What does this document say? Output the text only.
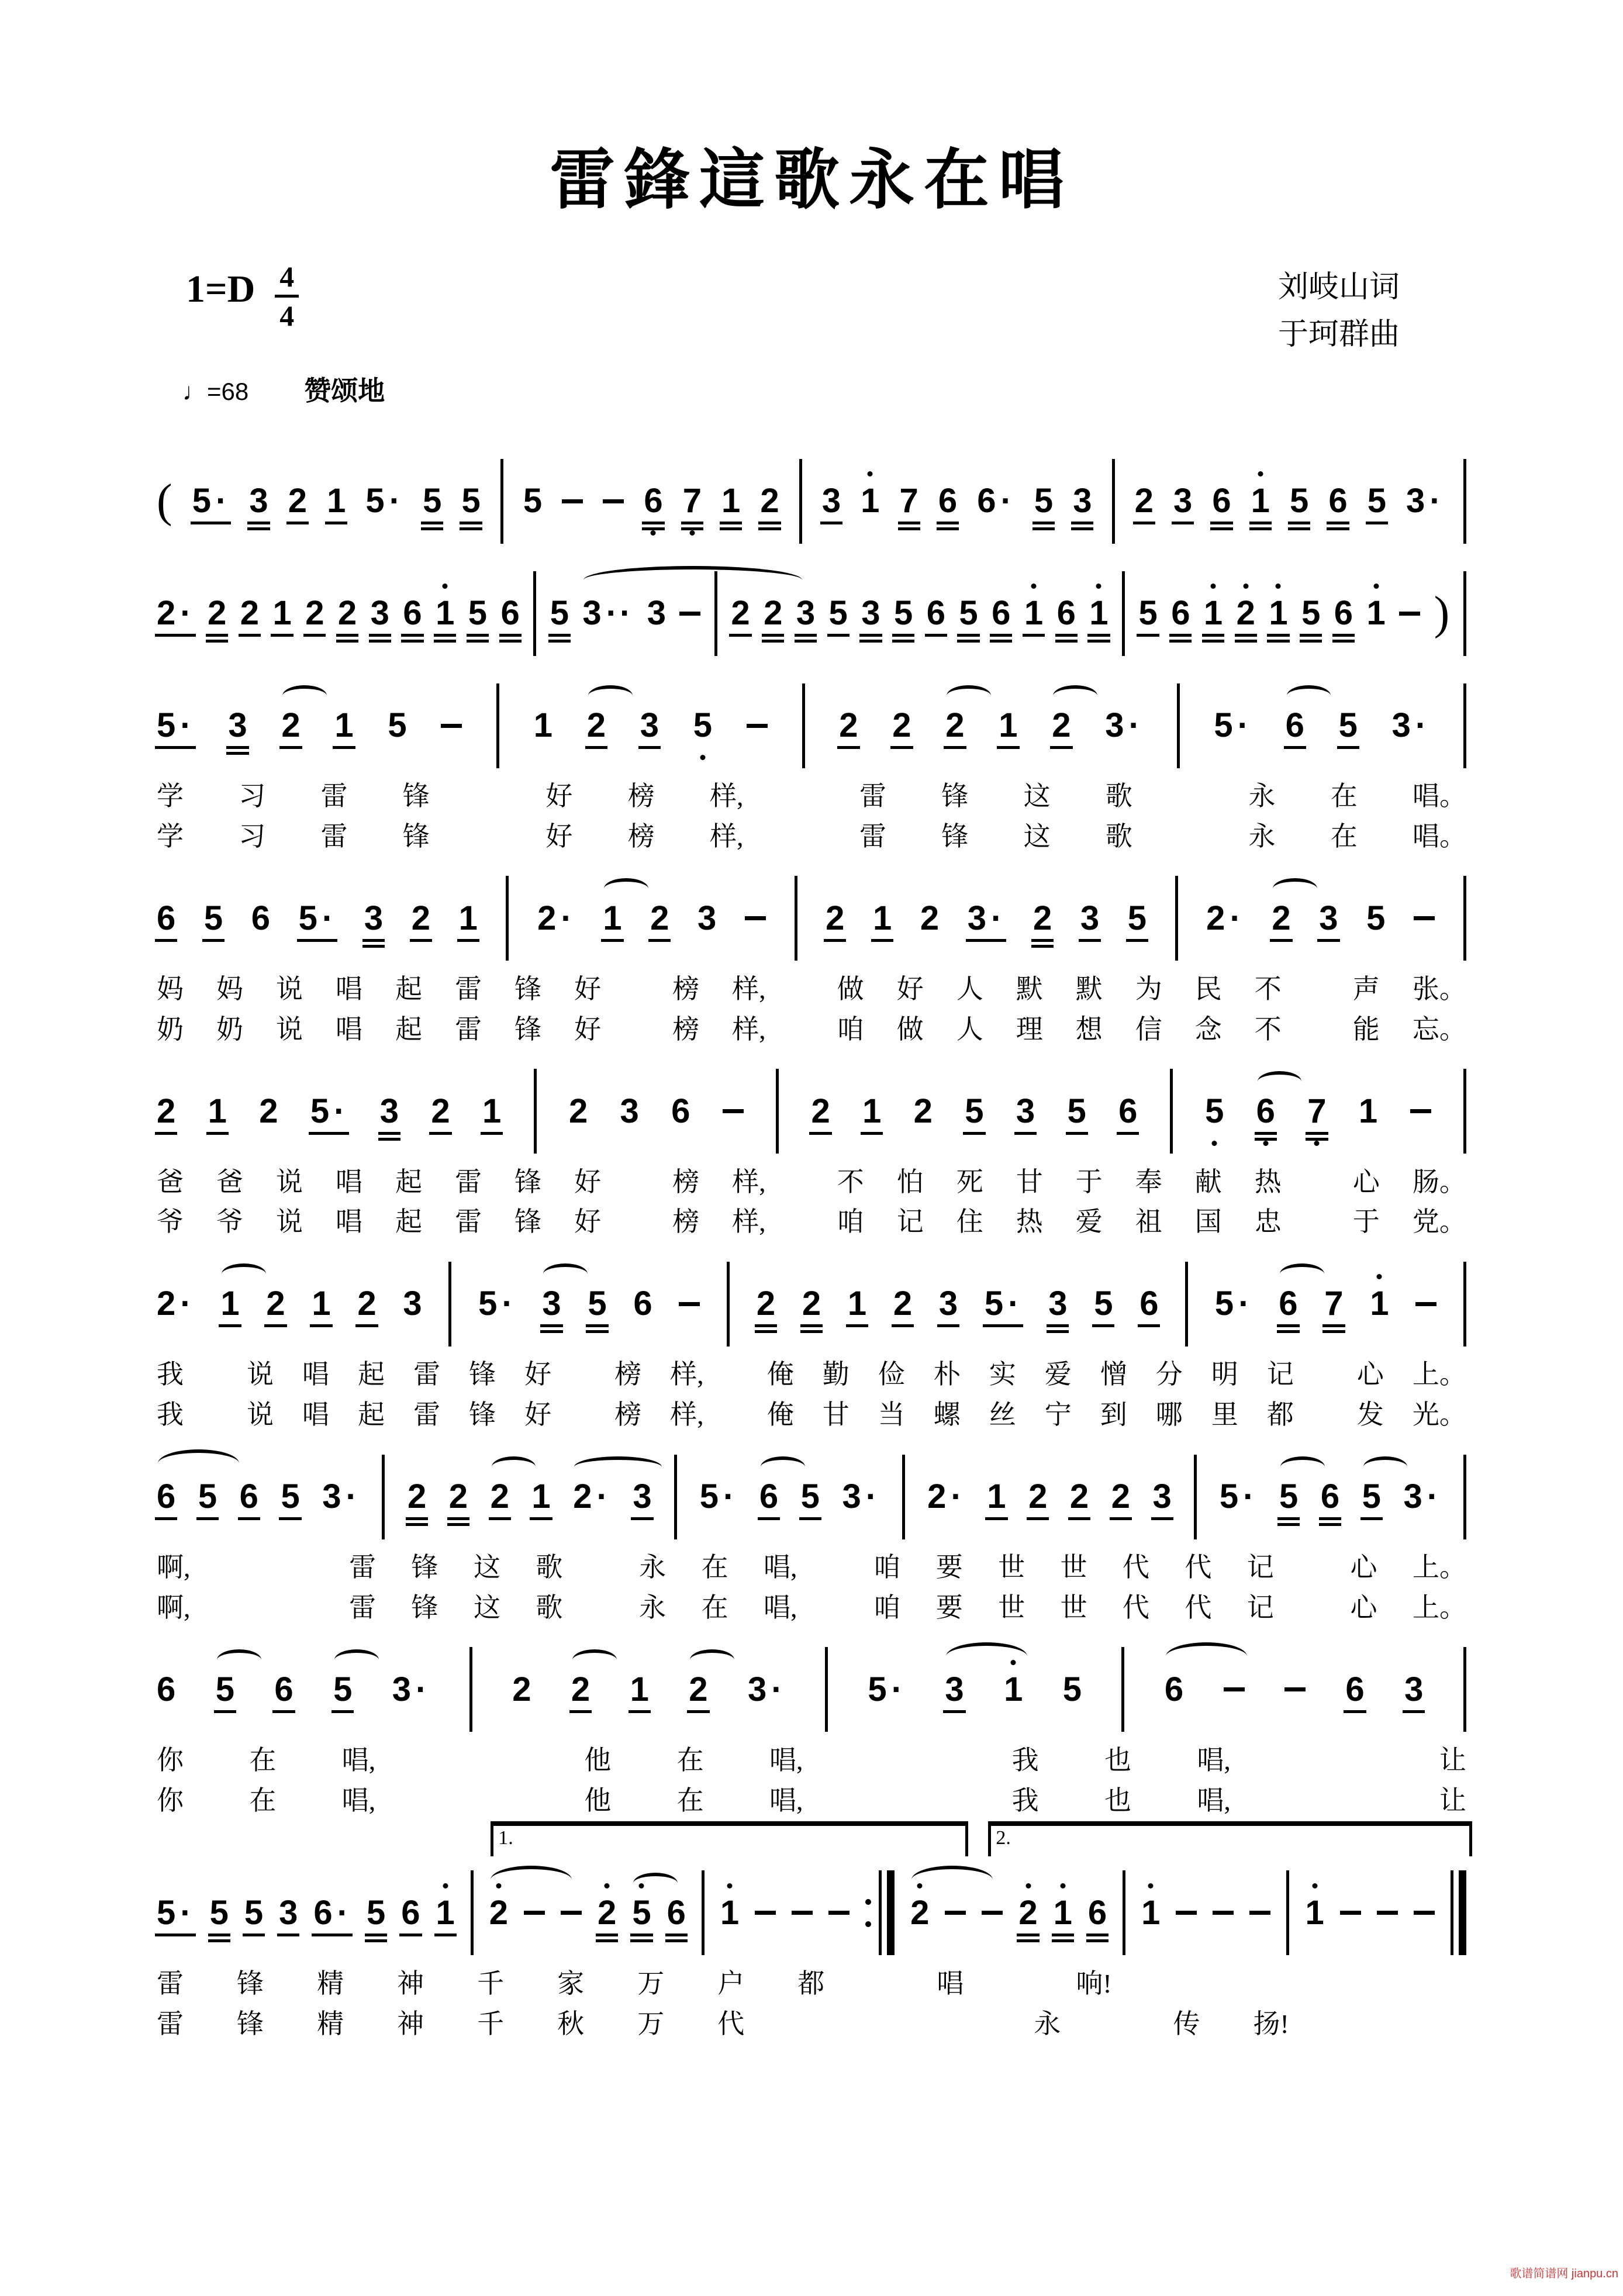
雷鋒這歌永在唱
$1=D \frac{4}{4}$	刘岐山词
于珂群曲
♩=68 赞颂地
( 5 · 3 2 1 5 · 5 5 5	6 7 1 2 3 1 7 6 6 · 5 3 2 3 6 1 5 6 5 3 ·
2 · 2 2 1 2 2 3 6 1 5 6 5 3 ·· 3 2 2 3 5 3 5 6 5 6 1 6 1 5 6 1 2 1 5 6 1 )
5 · 3 2 1 5	1 2 3 5	2 2 2 1 2 3 · 5 · 6 5 3 ·
学 习 雷 锋	好 榜 样,	雷 锋 这 歌	永 在 唱。
学 习 雷 锋	好 榜 样,	雷 锋 这 歌	永 在 唱。
6 5 6 5 · 3 2 1 2 · 1 2 3	2 1 2 3 · 2 3 5 2 · 2 3 5
妈 妈 说 唱 起 雷 锋 好	榜 样,	做 好 人 默 默 为 民 不	声 张。
奶 奶 说 唱 起 雷 锋 好	榜 样,	咱 做 人 理 想 信 念 不	能 忘。
2 1 2 5 · 3 2 1 2 3 6	2 1 2 5 3 5 6 5 6 7 1
爸 爸 说 唱 起 雷 锋 好	榜 样,	不 怕 死 甘 于 奉 献 热	心 肠。
爷 爷 说 唱 起 雷 锋 好	榜 样,	咱 记 住 热 爱 祖 国 忠	于 党。
2 · 1 2 1 2 3 5 · 3 5 6	2 2 1 2 3 5 · 3 5 6 5 · 6 7 1
我 说 唱 起 雷 锋 好 榜 样, 俺 勤 俭 朴 实 爱 憎 分 明 记 心 上。
我 说 唱 起 雷 锋 好 榜 样, 俺 甘 当 螺 丝 宁 到 哪 里 都 发 光。
6 5 6 5 3 · 2 2 2 1 2 · 3 5 · 6 5 3 · 2 · 1 2 2 2 3 5 · 5 6 5 3 ·
啊,	雷 锋 这 歌	永 在 唱,	咱 要 世 世 代 代 记	心 上。
啊,	雷 锋 这 歌	永 在 唱,	咱 要 世 世 代 代 记	心 上。
6 5 6 5 3 · 2 2 1 2 3 · 5 · 3 1 5 6	6 3
你 在 唱,	他 在 唱,	我 也 唱,	让
你 在 唱,	他 在 唱,	我 也 唱,	让
1.	2.
5 · 5 5 3 6 · 5 6 1 2	2 5 6 1	2	2 1 6 1	1
雷 锋 精 神 千 家 万 户 都	唱	响!
雷 锋 精 神 千 秋 万 代	永	传 扬!
歌谱简谱网 jianpu.cn
